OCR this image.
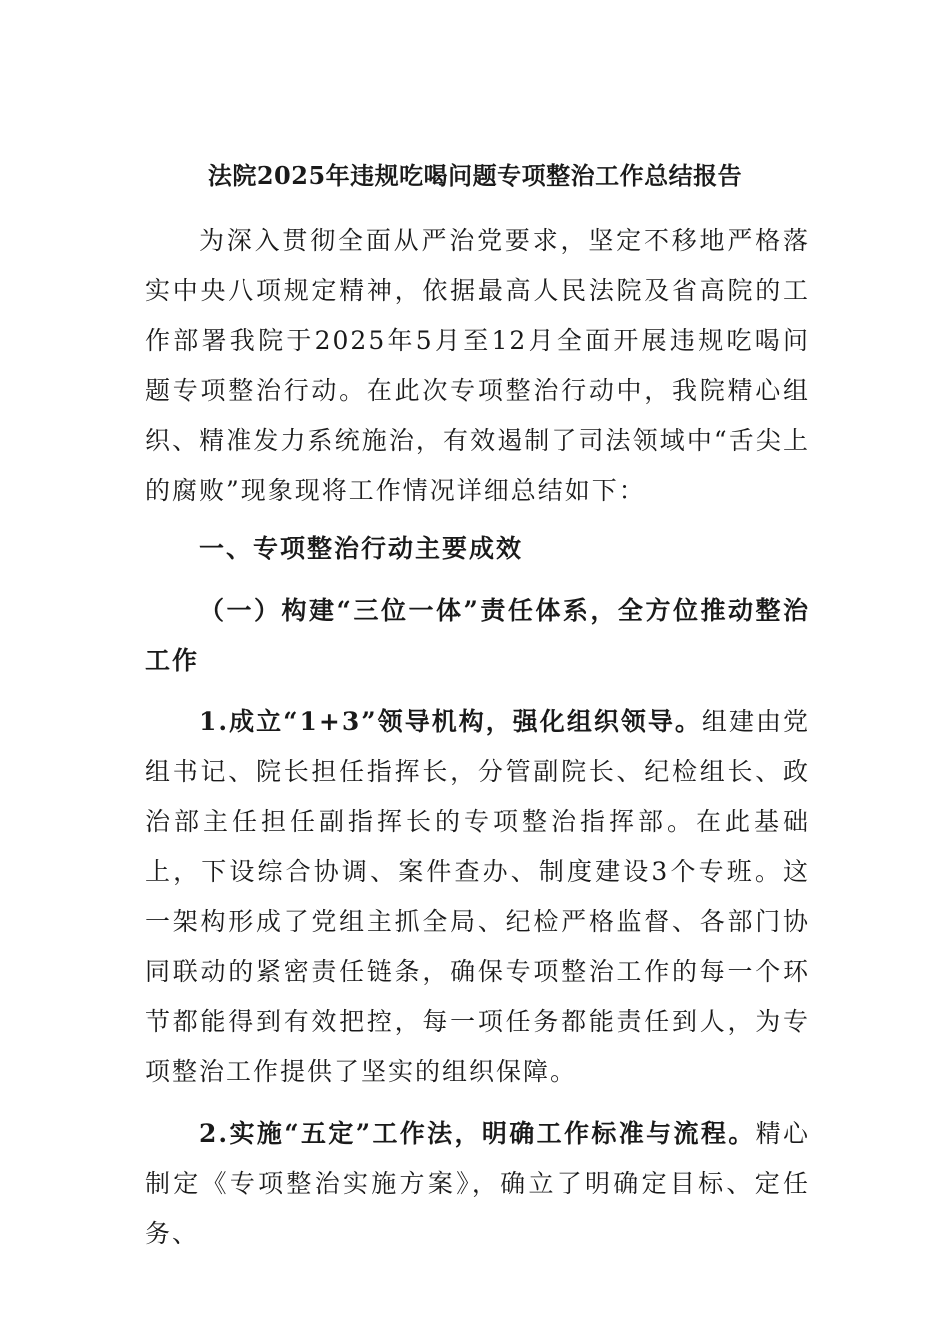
法院2025年违规吃喝问题专项整治工作总结报告

为深入贯彻全面从严治党要求，坚定不移地严格落实中央八项规定精神，依据最高人民法院及省高院的工作部署我院于2025年5月至12月全面开展违规吃喝问题专项整治行动。在此次专项整治行动中，我院精心组织、精准发力系统施治，有效遏制了司法领域中“舌尖上的腐败”现象现将工作情况详细总结如下：

一、专项整治行动主要成效

（一）构建“三位一体”责任体系，全方位推动整治工作

1.成立“1+3”领导机构，强化组织领导。组建由党组书记、院长担任指挥长，分管副院长、纪检组长、政治部主任担任副指挥长的专项整治指挥部。在此基础上，下设综合协调、案件查办、制度建设3个专班。这一架构形成了党组主抓全局、纪检严格监督、各部门协同联动的紧密责任链条，确保专项整治工作的每一个环节都能得到有效把控，每一项任务都能责任到人，为专项整治工作提供了坚实的组织保障。

2.实施“五定”工作法，明确工作标准与流程。精心制定《专项整治实施方案》，确立了明确定目标、定任务、
